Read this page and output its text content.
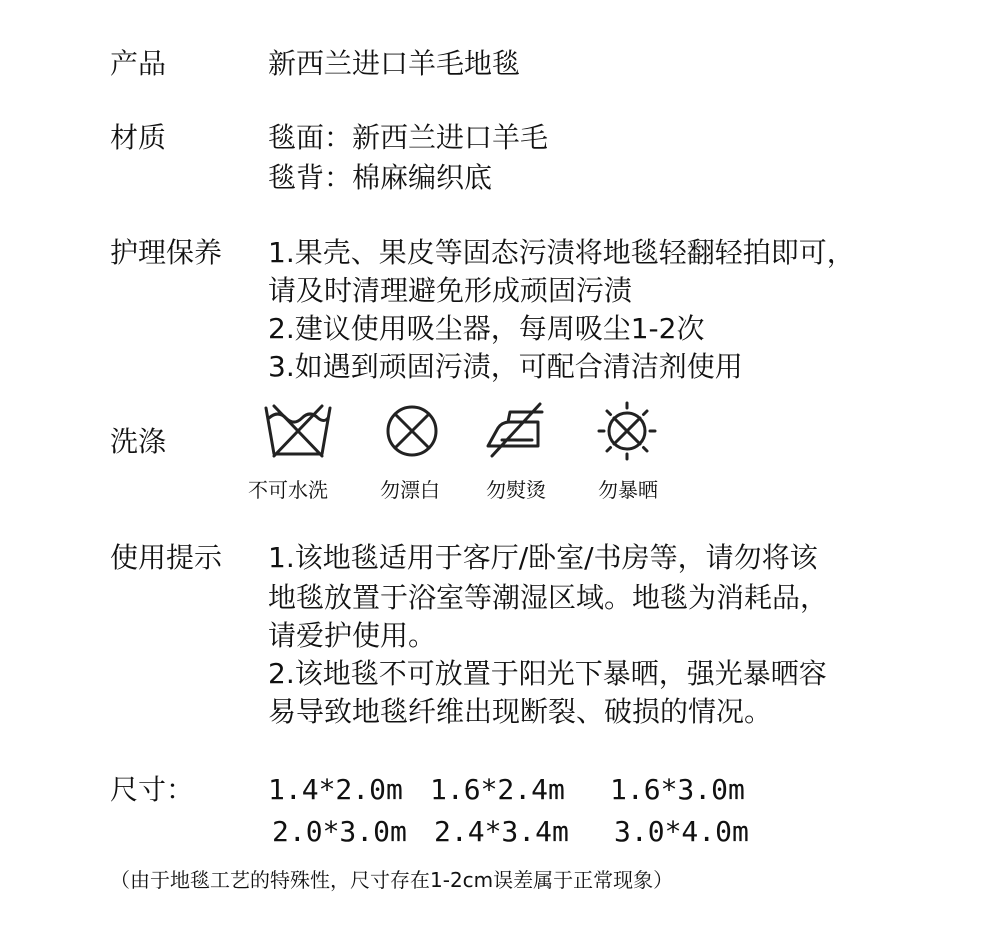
产品	新西兰进口羊毛地毯
材质	毯面：新西兰进口羊毛
毯背：棉麻编织底
护理保养 1.果壳、果皮等固态污渍将地毯轻翻轻拍即可，
请及时清理避免形成顽固污渍
2.建议使用吸尘器，每周吸尘1-2次
3.如遇到顽固污渍，可配合清洁剂使用
洗涤
不可水洗	勿漂白 勿熨烫	勿暴晒
使用提示 1.该地毯适用于客厅/卧室/书房等，请勿将该
地毯放置于浴室等潮湿区域。地毯为消耗品，
请爱护使用。
2.该地毯不可放置于阳光下暴晒，强光暴晒容
易导致地毯纤维出现断裂、破损的情况。
尺寸：	1.4*2.0m 1.6*2.4m 1.6*3.0m
2.0*3.0m 2.4*3.4m 3.0*4.0m
（由于地毯工艺的特殊性，尺寸存在1-2cm误差属于正常现象）
